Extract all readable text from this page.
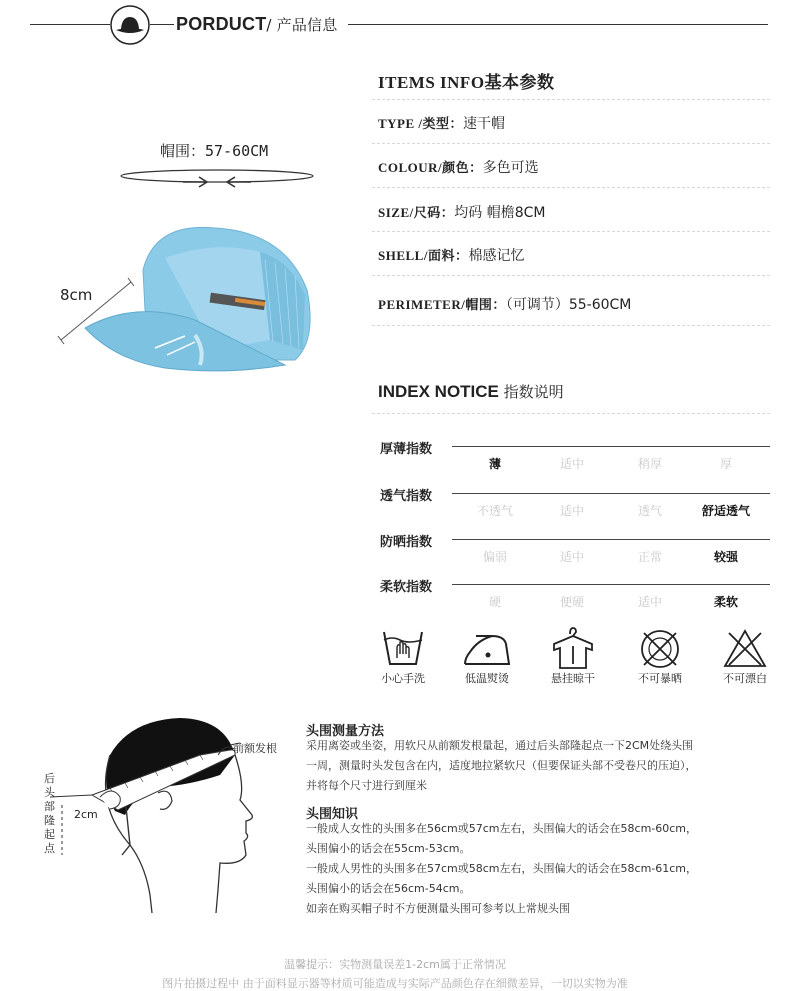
PORDUCT/ 产品信息
帽围：57-60CM
8cm
ITEMS INFO基本参数
TYPE /类型：速干帽
COLOUR/颜色：多色可选
SIZE/尺码：均码 帽檐8CM
SHELL/面料：棉感记忆
PERIMETER/帽围：（可调节）55-60CM
INDEX NOTICE 指数说明
厚薄指数
薄	适中	稍厚	厚
透气指数
不透气	适中	透气	舒适透气
防晒指数
偏弱	适中	正常	较强
柔软指数
硬	便硬	适中	柔软
小心手洗	低温熨烫	悬挂晾干	不可暴晒	不可漂白
前额发根
后头部隆起点
2cm
头围测量方法
采用离姿或坐姿，用软尺从前额发根量起，通过后头部隆起点一下2CM处绕头围
一周，测量时头发包含在内，适度地拉紧软尺（但要保证头部不受卷尺的压迫），
并将每个尺寸进行到厘米
头围知识
一般成人女性的头围多在56cm或57cm左右，头围偏大的话会在58cm-60cm，
头围偏小的话会在55cm-53cm。
一般成人男性的头围多在57cm或58cm左右，头围偏大的话会在58cm-61cm，
头围偏小的话会在56cm-54cm。
如亲在购买帽子时不方便测量头围可参考以上常规头围
温馨提示：实物测量误差1-2cm属于正常情况
图片拍摄过程中 由于面料显示器等材质可能造成与实际产品颜色存在细微差异，一切以实物为准
